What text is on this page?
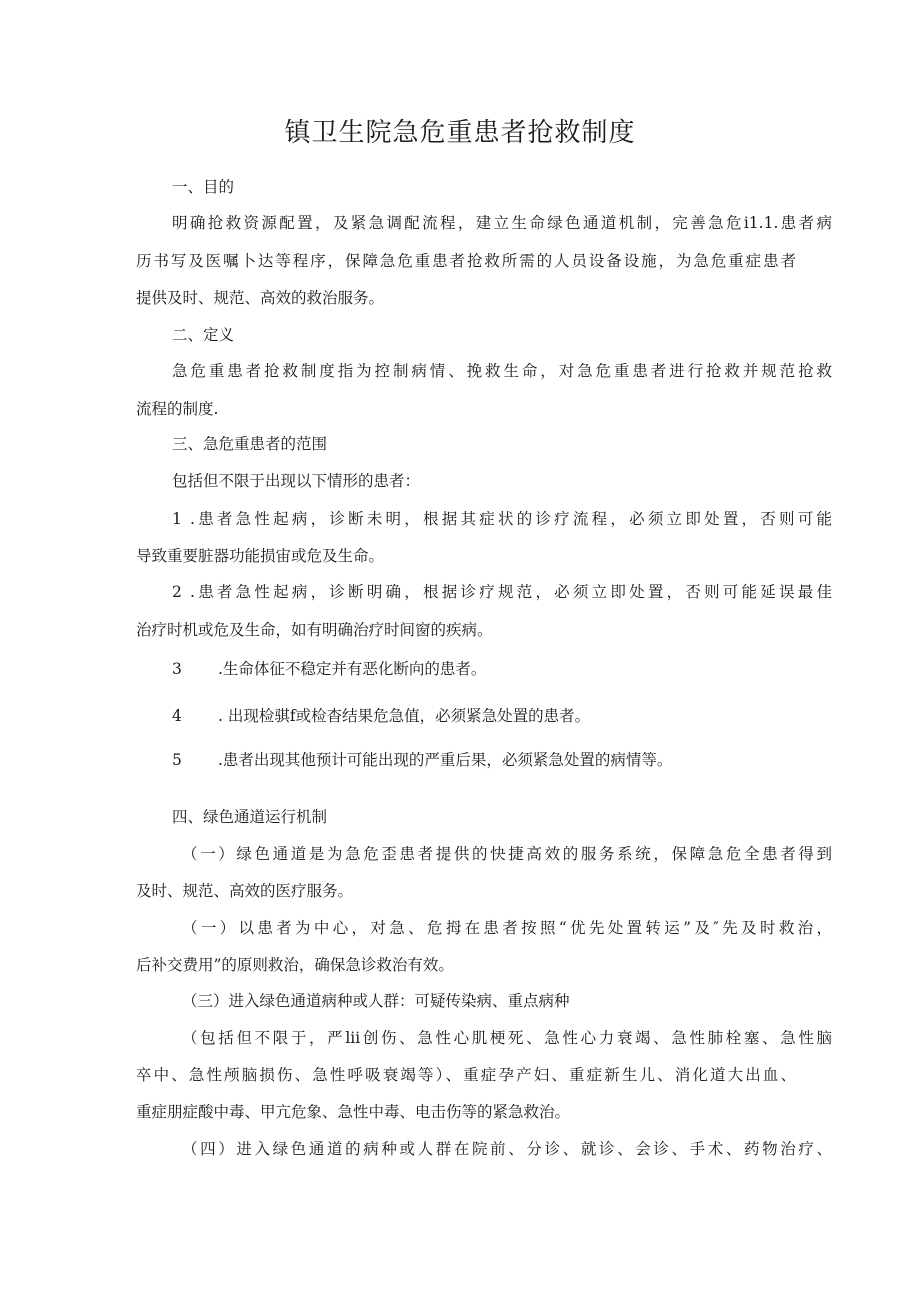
镇卫生院急危重患者抢救制度

一、目的

明确抢救资源配置，及紧急调配流程，建立生命绿色通道机制，完善急危i1.1.患者病

历书写及医嘱卜达等程序，保障急危重患者抢救所需的人员设备设施，为急危重症患者

提供及时、规范、高效的救治服务。

二、定义

急危重患者抢救制度指为控制病情、挽救生命，对急危重患者进行抢救并规范抢救

流程的制度.

三、急危重患者的范围

包括但不限于出现以下情形的患者：

1 .患者急性起病，诊断未明，根据其症状的诊疗流程，必须立即处置，否则可能

导致重要脏器功能损宙或危及生命。

2 .患者急性起病，诊断明确，根据诊疗规范，必须立即处置，否则可能延误最佳

治疗时机或危及生命，如有明确治疗时间窗的疾病。

3 .生命体征不稳定并有恶化断向的患者。

4 . 出现检骐f或检杳结果危急值，必须紧急处置的患者。

5 .患者出现其他预计可能出现的严重后果，必须紧急处置的病情等。

四、绿色通道运行机制

（一）绿色通道是为急危歪患者提供的快捷高效的服务系统，保障急危全患者得到

及时、规范、高效的医疗服务。

（一）以患者为中心，对急、危拇在患者按照“优先处置转运”及″先及时救治，

后补交费用”的原则救治，确保急诊救治有效。

（三）进入绿色通道病种或人群：可疑传染病、重点病种

（包括但不限于，严lii创伤、急性心肌梗死、急性心力衰竭、急性肺栓塞、急性脑

卒中、急性颅脑损伤、急性呼吸衰竭等）、重症孕产妇、重症新生儿、消化道大出血、

重症朋症酸中毒、甲亢危象、急性中毒、电击伤等的紧急救治。

（四）进入绿色通道的病种或人群在院前、分诊、就诊、会诊、手术、药物治疗、
